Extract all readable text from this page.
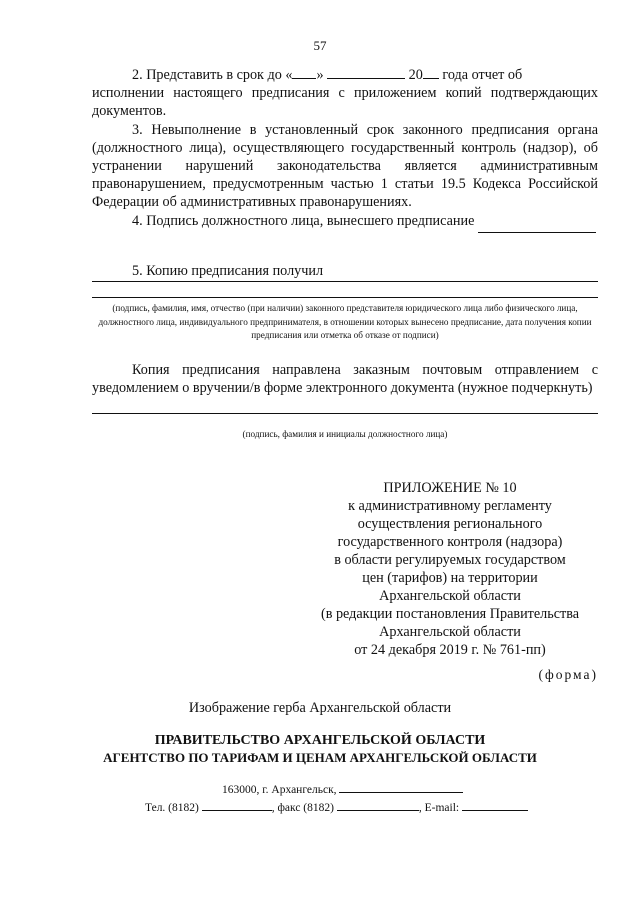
57
2. Представить в срок до « »	20 года отчет об
исполнении настоящего предписания с приложением копий подтверждающих документов.

3. Невыполнение в установленный срок законного предписания органа (должностного лица), осуществляющего государственный контроль (надзор), об устранении нарушений законодательства является административным правонарушением, предусмотренным частью 1 статьи 19.5 Кодекса Российской Федерации об административных правонарушениях.

4. Подпись должностного лица, вынесшего предписание

5. Копию предписания получил

(подпись, фамилия, имя, отчество (при наличии) законного представителя юридического лица либо физического лица, должностного лица, индивидуального предпринимателя, в отношении которых вынесено предписание, дата получения копии предписания или отметка об отказе от подписи)

Копия предписания направлена заказным почтовым отправлением с уведомлением о вручении/в форме электронного документа (нужное подчеркнуть)

(подпись, фамилия и инициалы должностного лица)
ПРИЛОЖЕНИЕ № 10
к административному регламенту
осуществления регионального
государственного контроля (надзора)
в области регулируемых государством
цен (тарифов) на территории
Архангельской области
(в редакции постановления Правительства
Архангельской области
от 24 декабря 2019 г. № 761-пп)
(форма)
Изображение герба Архангельской области
ПРАВИТЕЛЬСТВО АРХАНГЕЛЬСКОЙ ОБЛАСТИ
АГЕНТСТВО ПО ТАРИФАМ И ЦЕНАМ АРХАНГЕЛЬСКОЙ ОБЛАСТИ
163000, г. Архангельск,
Тел. (8182)	, факс (8182)	, E-mail:
